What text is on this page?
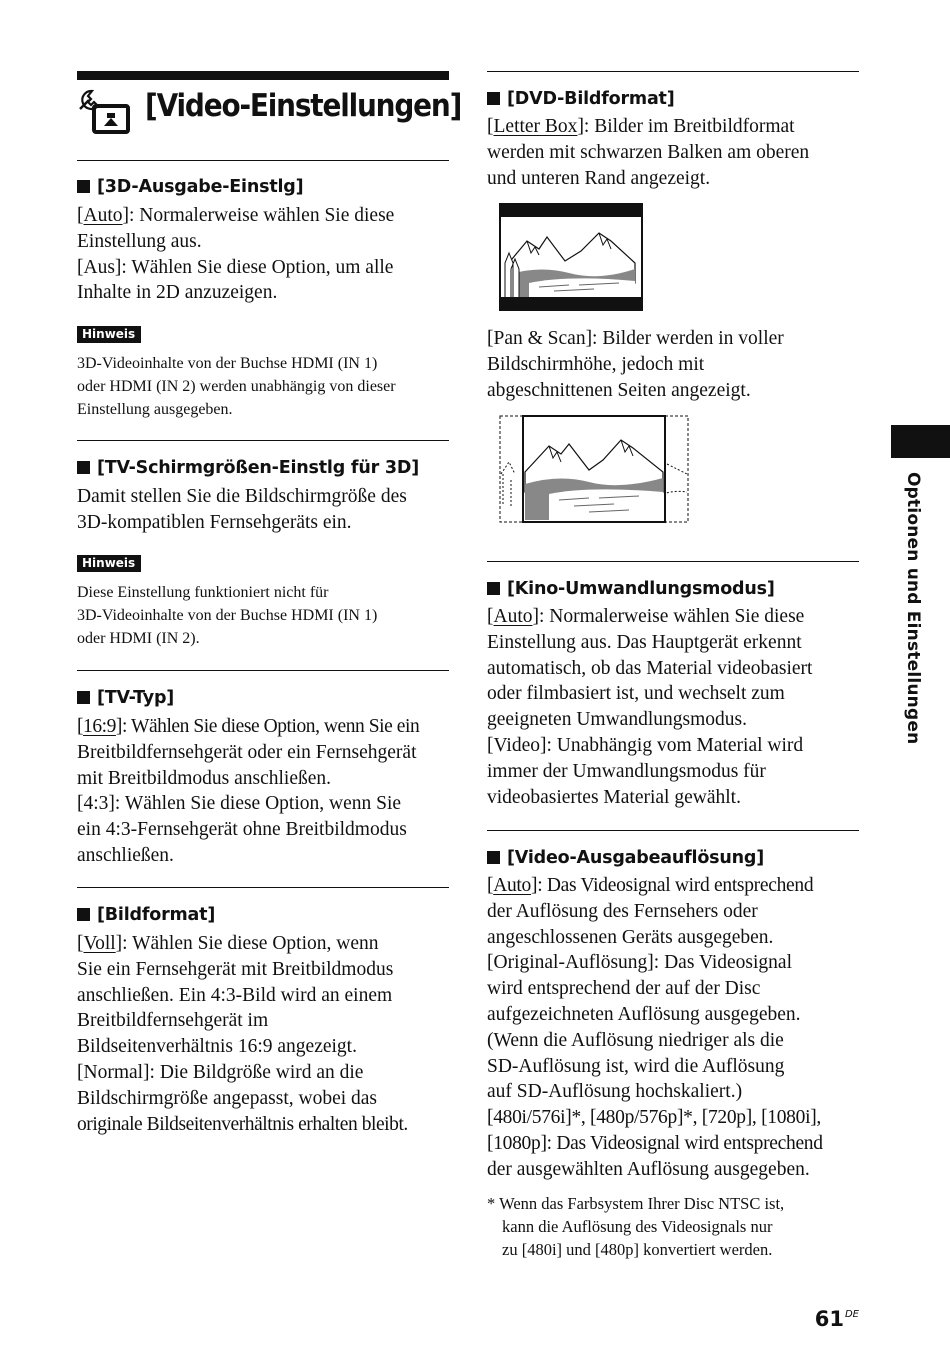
[Video-Einstellungen]
Optionen und Einstellungen
[3D-Ausgabe-Einstlg]

[Auto]: Normalerweise wählen Sie diese

Einstellung aus.

[Aus]: Wählen Sie diese Option, um alle

Inhalte in 2D anzuzeigen.

Hinweis
3D-Videoinhalte von der Buchse HDMI (IN 1)
oder HDMI (IN 2) werden unabhängig von dieser
Einstellung ausgegeben.
[TV-Schirmgrößen-Einstlg für 3D]

Damit stellen Sie die Bildschirmgröße des

3D-kompatiblen Fernsehgeräts ein.

Hinweis
Diese Einstellung funktioniert nicht für
3D-Videoinhalte von der Buchse HDMI (IN 1)
oder HDMI (IN 2).
[TV-Typ]

[16:9]: Wählen Sie diese Option, wenn Sie ein

Breitbildfernsehgerät oder ein Fernsehgerät

mit Breitbildmodus anschließen.

[4:3]: Wählen Sie diese Option, wenn Sie

ein 4:3-Fernsehgerät ohne Breitbildmodus

anschließen.

[Bildformat]

[Voll]: Wählen Sie diese Option, wenn

Sie ein Fernsehgerät mit Breitbildmodus

anschließen. Ein 4:3-Bild wird an einem

Breitbildfernsehgerät im

Bildseitenverhältnis 16:9 angezeigt.

[Normal]: Die Bildgröße wird an die

Bildschirmgröße angepasst, wobei das

originale Bildseitenverhältnis erhalten bleibt.

[DVD-Bildformat]

[Letter Box]: Bilder im Breitbildformat

werden mit schwarzen Balken am oberen

und unteren Rand angezeigt.

[Pan & Scan]: Bilder werden in voller

Bildschirmhöhe, jedoch mit

abgeschnittenen Seiten angezeigt.

[Kino-Umwandlungsmodus]

[Auto]: Normalerweise wählen Sie diese

Einstellung aus. Das Hauptgerät erkennt

automatisch, ob das Material videobasiert

oder filmbasiert ist, und wechselt zum

geeigneten Umwandlungsmodus.

[Video]: Unabhängig vom Material wird

immer der Umwandlungsmodus für

videobasiertes Material gewählt.

[Video-Ausgabeauflösung]

[Auto]: Das Videosignal wird entsprechend

der Auflösung des Fernsehers oder

angeschlossenen Geräts ausgegeben.

[Original-Auflösung]: Das Videosignal

wird entsprechend der auf der Disc

aufgezeichneten Auflösung ausgegeben.

(Wenn die Auflösung niedriger als die

SD-Auflösung ist, wird die Auflösung

auf SD-Auflösung hochskaliert.)

[480i/576i]*, [480p/576p]*, [720p], [1080i],

[1080p]: Das Videosignal wird entsprechend

der ausgewählten Auflösung ausgegeben.

* Wenn das Farbsystem Ihrer Disc NTSC ist,
kann die Auflösung des Videosignals nur
zu [480i] und [480p] konvertiert werden.
61DE
